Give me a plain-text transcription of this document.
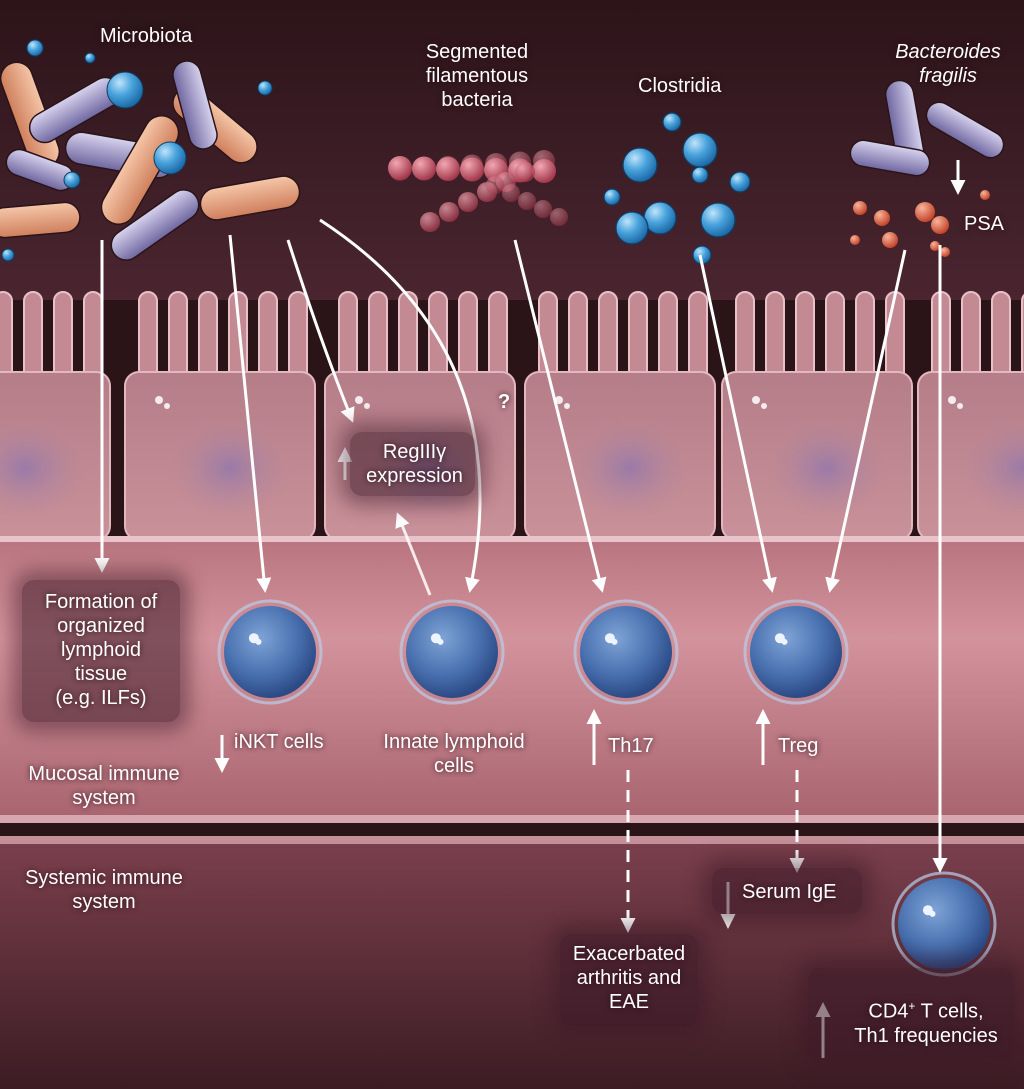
Microbiota
Segmented
filamentous
bacteria
Clostridia
Bacteroides
fragilis
PSA
?
RegIIIγ
expression
Formation of
organized
lymphoid
tissue
(e.g. ILFs)
iNKT cells	Innate lymphoid
cells
Th17	Treg
Mucosal immune
system
Systemic immune
system	Serum IgE
Exacerbated
arthritis and
EAE	CD4+ T cells,
Th1 frequencies
